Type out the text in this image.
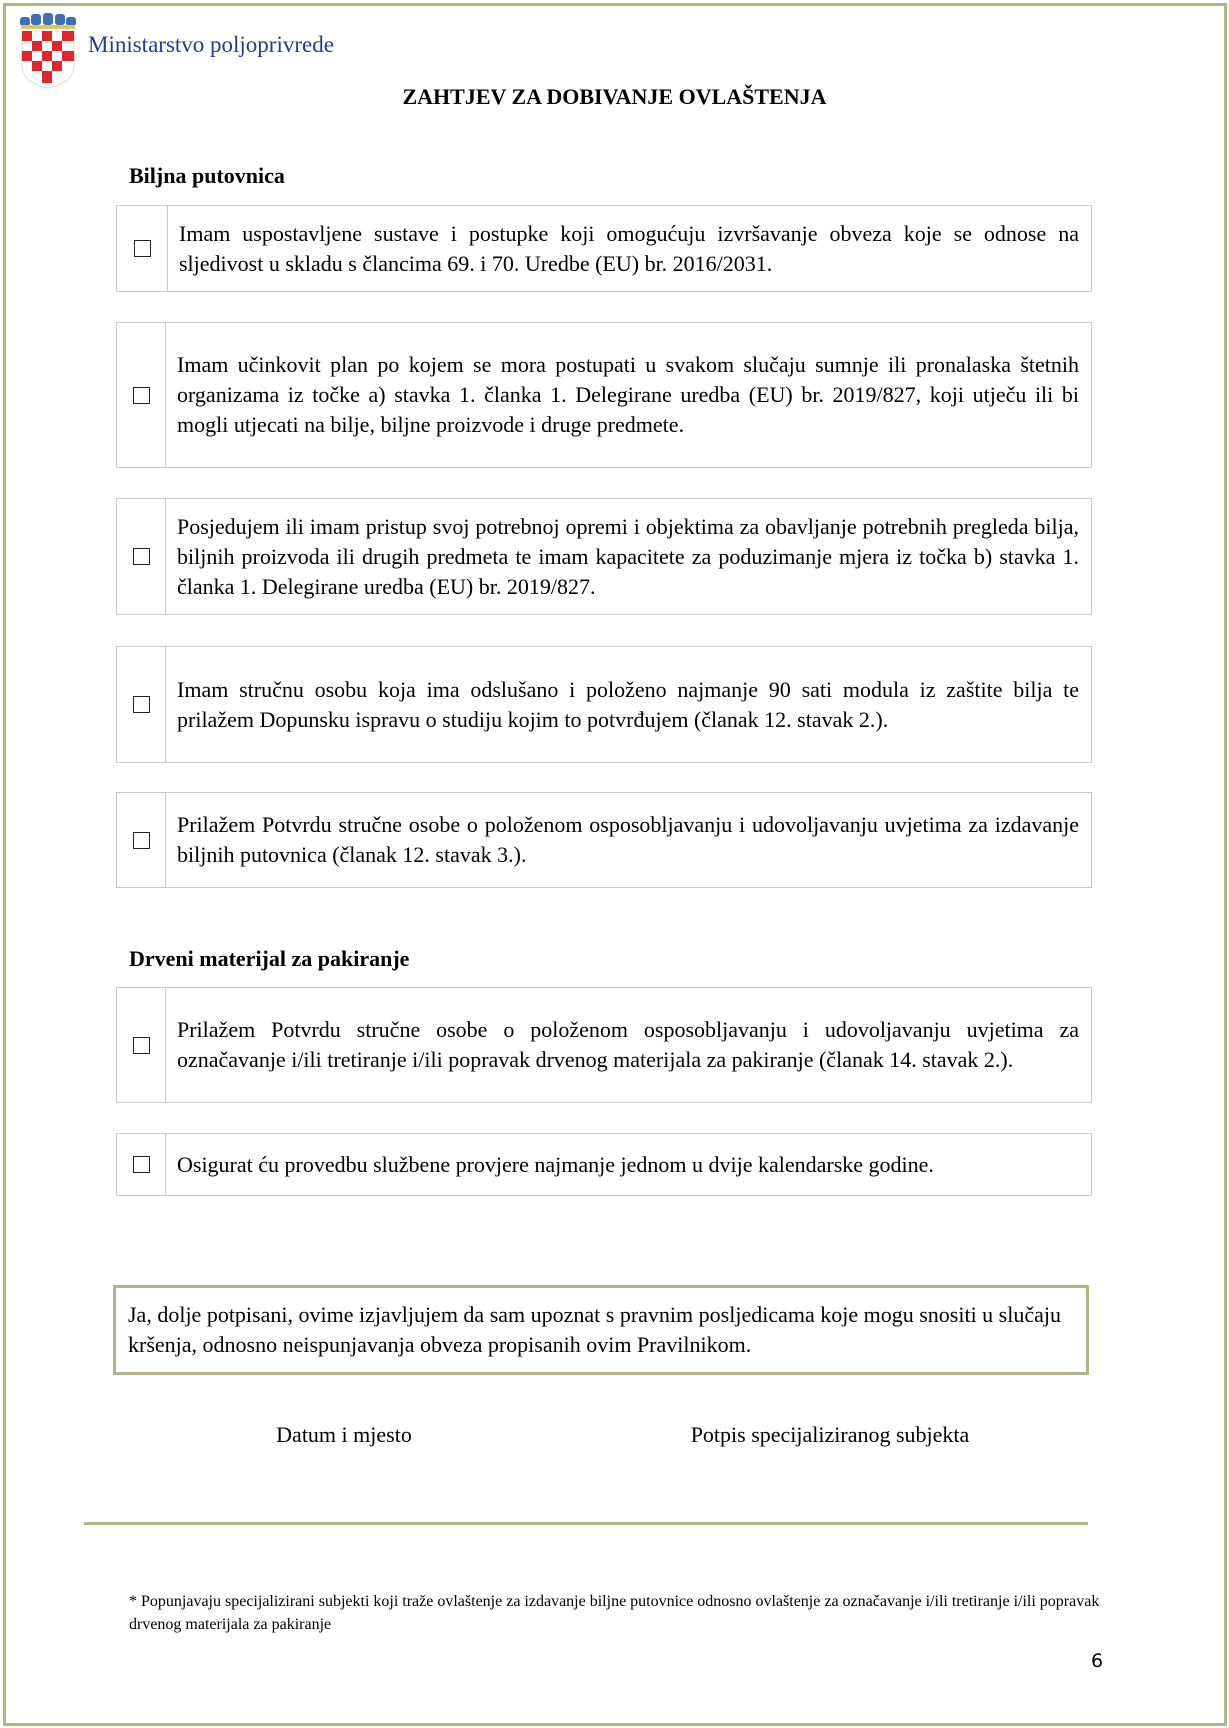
Ministarstvo poljoprivrede
ZAHTJEV ZA DOBIVANJE OVLAŠTENJA
Biljna putovnica
Imam uspostavljene sustave i postupke koji omogućuju izvršavanje obveza koje se odnose na sljedivost u skladu s člancima 69. i 70. Uredbe (EU) br. 2016/2031.
Imam učinkovit plan po kojem se mora postupati u svakom slučaju sumnje ili pronalaska štetnih organizama iz točke a) stavka 1. članka 1. Delegirane uredba (EU) br. 2019/827, koji utječu ili bi mogli utjecati na bilje, biljne proizvode i druge predmete.
Posjedujem ili imam pristup svoj potrebnoj opremi i objektima za obavljanje potrebnih pregleda bilja, biljnih proizvoda ili drugih predmeta te imam kapacitete za poduzimanje mjera iz točka b) stavka 1. članka 1. Delegirane uredba (EU) br. 2019/827.
Imam stručnu osobu koja ima odslušano i položeno najmanje 90 sati modula iz zaštite bilja te prilažem Dopunsku ispravu o studiju kojim to potvrđujem (članak 12. stavak 2.).
Prilažem Potvrdu stručne osobe o položenom osposobljavanju i udovoljavanju uvjetima za izdavanje biljnih putovnica (članak 12. stavak 3.).
Drveni materijal za pakiranje
Prilažem Potvrdu stručne osobe o položenom osposobljavanju i udovoljavanju uvjetima za označavanje i/ili tretiranje i/ili popravak drvenog materijala za pakiranje (članak 14. stavak 2.).
Osigurat ću provedbu službene provjere najmanje jednom u dvije kalendarske godine.
Ja, dolje potpisani, ovime izjavljujem da sam upoznat s pravnim posljedicama koje mogu snositi u slučaju kršenja, odnosno neispunjavanja obveza propisanih ovim Pravilnikom.
Datum i mjesto	Potpis specijaliziranog subjekta
* Popunjavaju specijalizirani subjekti koji traže ovlaštenje za izdavanje biljne putovnice odnosno ovlaštenje za označavanje i/ili tretiranje i/ili popravak drvenog materijala za pakiranje
6
